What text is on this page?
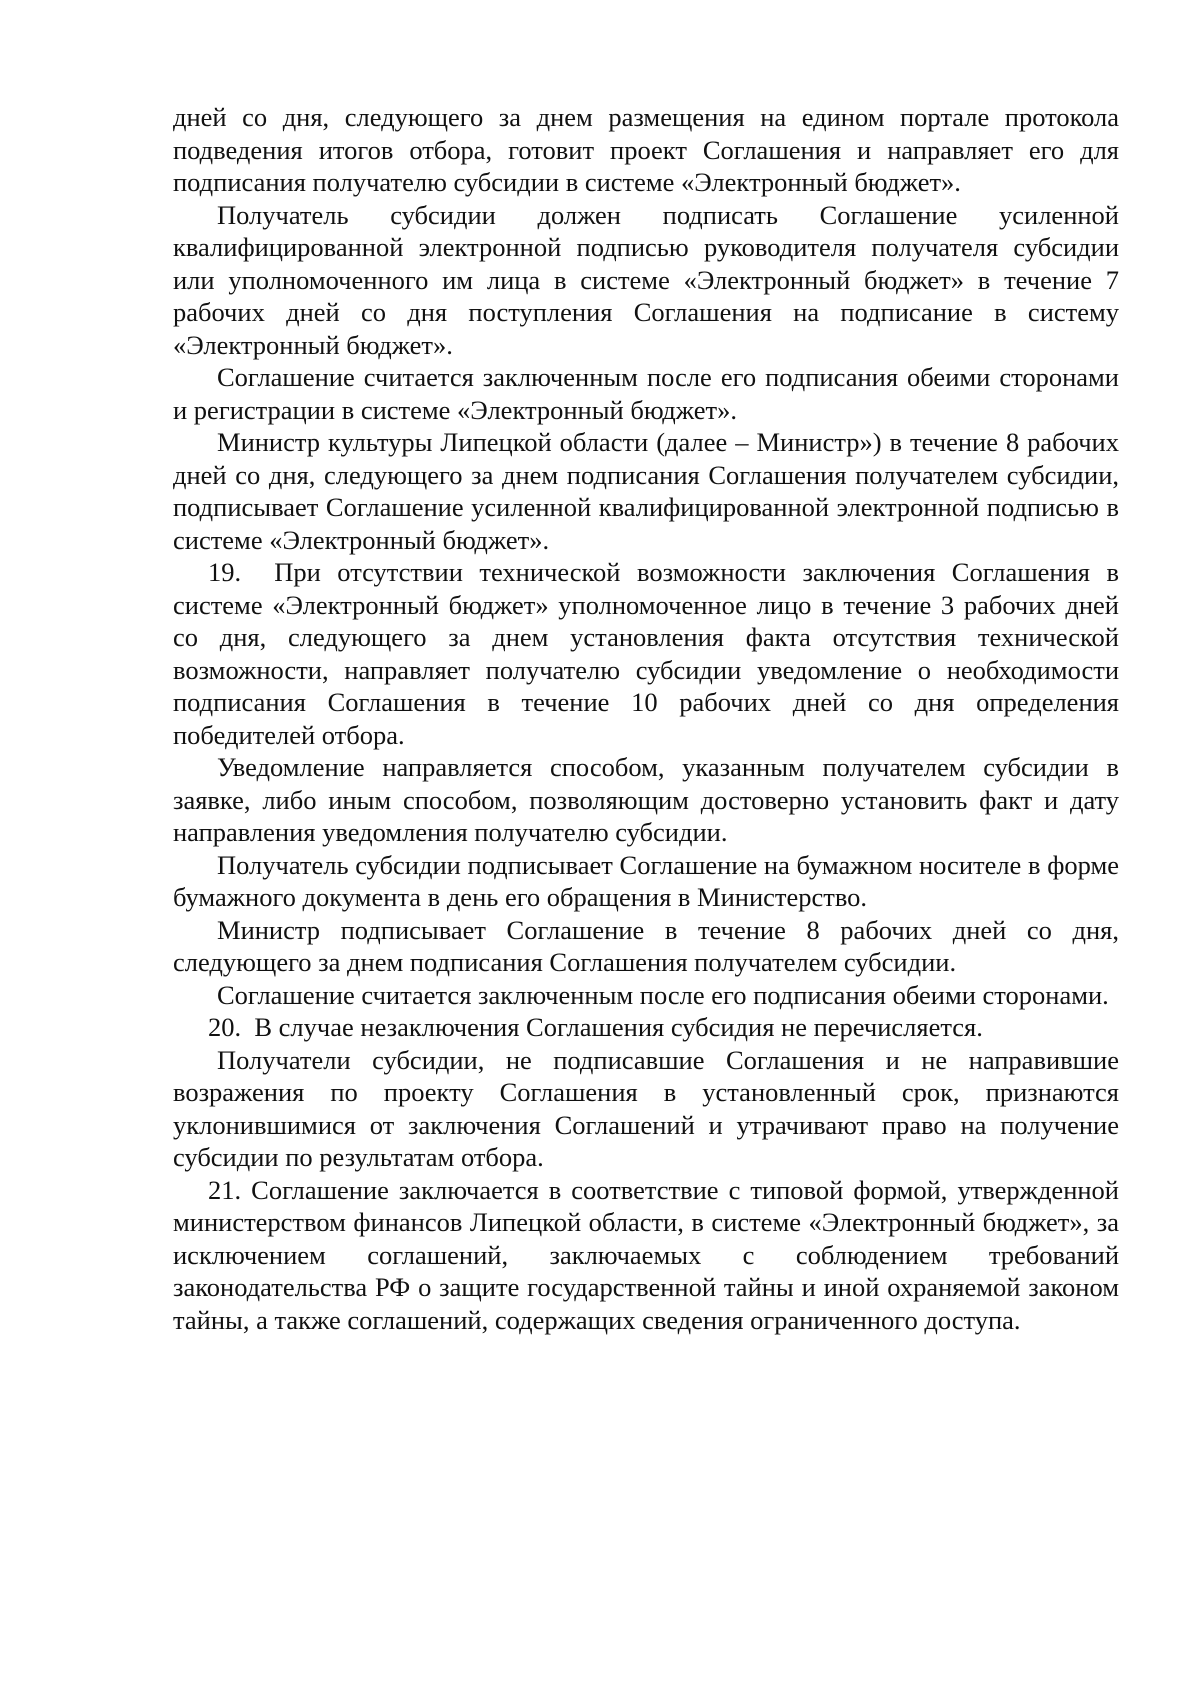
дней со дня, следующего за днем размещения на едином портале протокола подведения итогов отбора, готовит проект Соглашения и направляет его для подписания получателю субсидии в системе «Электронный бюджет».

Получатель субсидии должен подписать Соглашение усиленной квалифицированной электронной подписью руководителя получателя субсидии или уполномоченного им лица в системе «Электронный бюджет» в течение 7 рабочих дней со дня поступления Соглашения на подписание в систему «Электронный бюджет».

Соглашение считается заключенным после его подписания обеими сторонами и регистрации в системе «Электронный бюджет».

Министр культуры Липецкой области (далее – Министр») в течение 8 рабочих дней со дня, следующего за днем подписания Соглашения получателем субсидии, подписывает Соглашение усиленной квалифицированной электронной подписью в системе «Электронный бюджет».

19. При отсутствии технической возможности заключения Соглашения в системе «Электронный бюджет» уполномоченное лицо в течение 3 рабочих дней со дня, следующего за днем установления факта отсутствия технической возможности, направляет получателю субсидии уведомление о необходимости подписания Соглашения в течение 10 рабочих дней со дня определения победителей отбора.

Уведомление направляется способом, указанным получателем субсидии в заявке, либо иным способом, позволяющим достоверно установить факт и дату направления уведомления получателю субсидии.

Получатель субсидии подписывает Соглашение на бумажном носителе в форме бумажного документа в день его обращения в Министерство.

Министр подписывает Соглашение в течение 8 рабочих дней со дня, следующего за днем подписания Соглашения получателем субсидии.

Соглашение считается заключенным после его подписания обеими сторонами.

20. В случае незаключения Соглашения субсидия не перечисляется.

Получатели субсидии, не подписавшие Соглашения и не направившие возражения по проекту Соглашения в установленный срок, признаются уклонившимися от заключения Соглашений и утрачивают право на получение субсидии по результатам отбора.

21. Соглашение заключается в соответствие с типовой формой, утвержденной министерством финансов Липецкой области, в системе «Электронный бюджет», за исключением соглашений, заключаемых с соблюдением требований законодательства РФ о защите государственной тайны и иной охраняемой законом тайны, а также соглашений, содержащих сведения ограниченного доступа.
